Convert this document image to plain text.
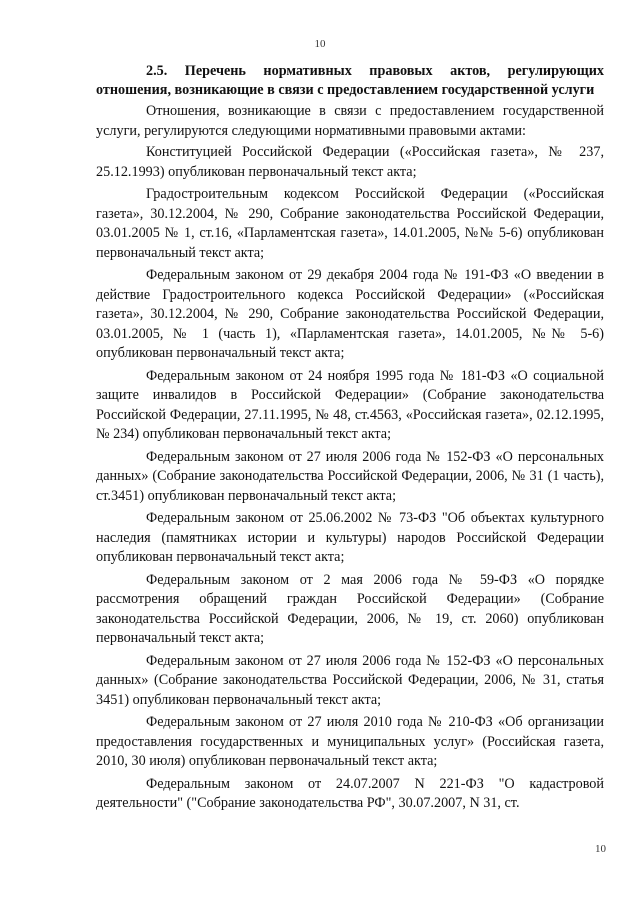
10

2.5. Перечень нормативных правовых актов, регулирующих отношения, возникающие в связи с предоставлением государственной услуги

Отношения, возникающие в связи с предоставлением государственной услуги, регулируются следующими нормативными правовыми актами:

Конституцией Российской Федерации («Российская газета», № 237, 25.12.1993) опубликован первоначальный текст акта;

Градостроительным кодексом Российской Федерации («Российская газета», 30.12.2004, № 290, Собрание законодательства Российской Федерации, 03.01.2005 № 1, ст.16, «Парламентская газета», 14.01.2005, №№ 5-6) опубликован первоначальный текст акта;

Федеральным законом от 29 декабря 2004 года № 191-ФЗ «О введении в действие Градостроительного кодекса Российской Федерации» («Российская газета», 30.12.2004, № 290, Собрание законодательства Российской Федерации, 03.01.2005, № 1 (часть 1), «Парламентская газета», 14.01.2005, №№ 5-6) опубликован первоначальный текст акта;

Федеральным законом от 24 ноября 1995 года № 181-ФЗ «О социальной защите инвалидов в Российской Федерации» (Собрание законодательства Российской Федерации, 27.11.1995, № 48, ст.4563, «Российская газета», 02.12.1995, № 234) опубликован первоначальный текст акта;

Федеральным законом от 27 июля 2006 года № 152-ФЗ «О персональных данных» (Собрание законодательства Российской Федерации, 2006, № 31 (1 часть), ст.3451) опубликован первоначальный текст акта;

Федеральным законом от 25.06.2002 № 73-ФЗ "Об объектах культурного наследия (памятниках истории и культуры) народов Российской Федерации опубликован первоначальный текст акта;

Федеральным законом от 2 мая 2006 года № 59-ФЗ «О порядке рассмотрения обращений граждан Российской Федерации» (Собрание законодательства Российской Федерации, 2006, № 19, ст. 2060) опубликован первоначальный текст акта;

Федеральным законом от 27 июля 2006 года № 152-ФЗ «О персональных данных» (Собрание законодательства Российской Федерации, 2006, № 31, статья 3451) опубликован первоначальный текст акта;

Федеральным законом от 27 июля 2010 года № 210-ФЗ «Об организации предоставления государственных и муниципальных услуг» (Российская газета, 2010, 30 июля) опубликован первоначальный текст акта;

Федеральным законом от 24.07.2007 N 221-ФЗ "О кадастровой деятельности" ("Собрание законодательства РФ", 30.07.2007, N 31, ст.

10
